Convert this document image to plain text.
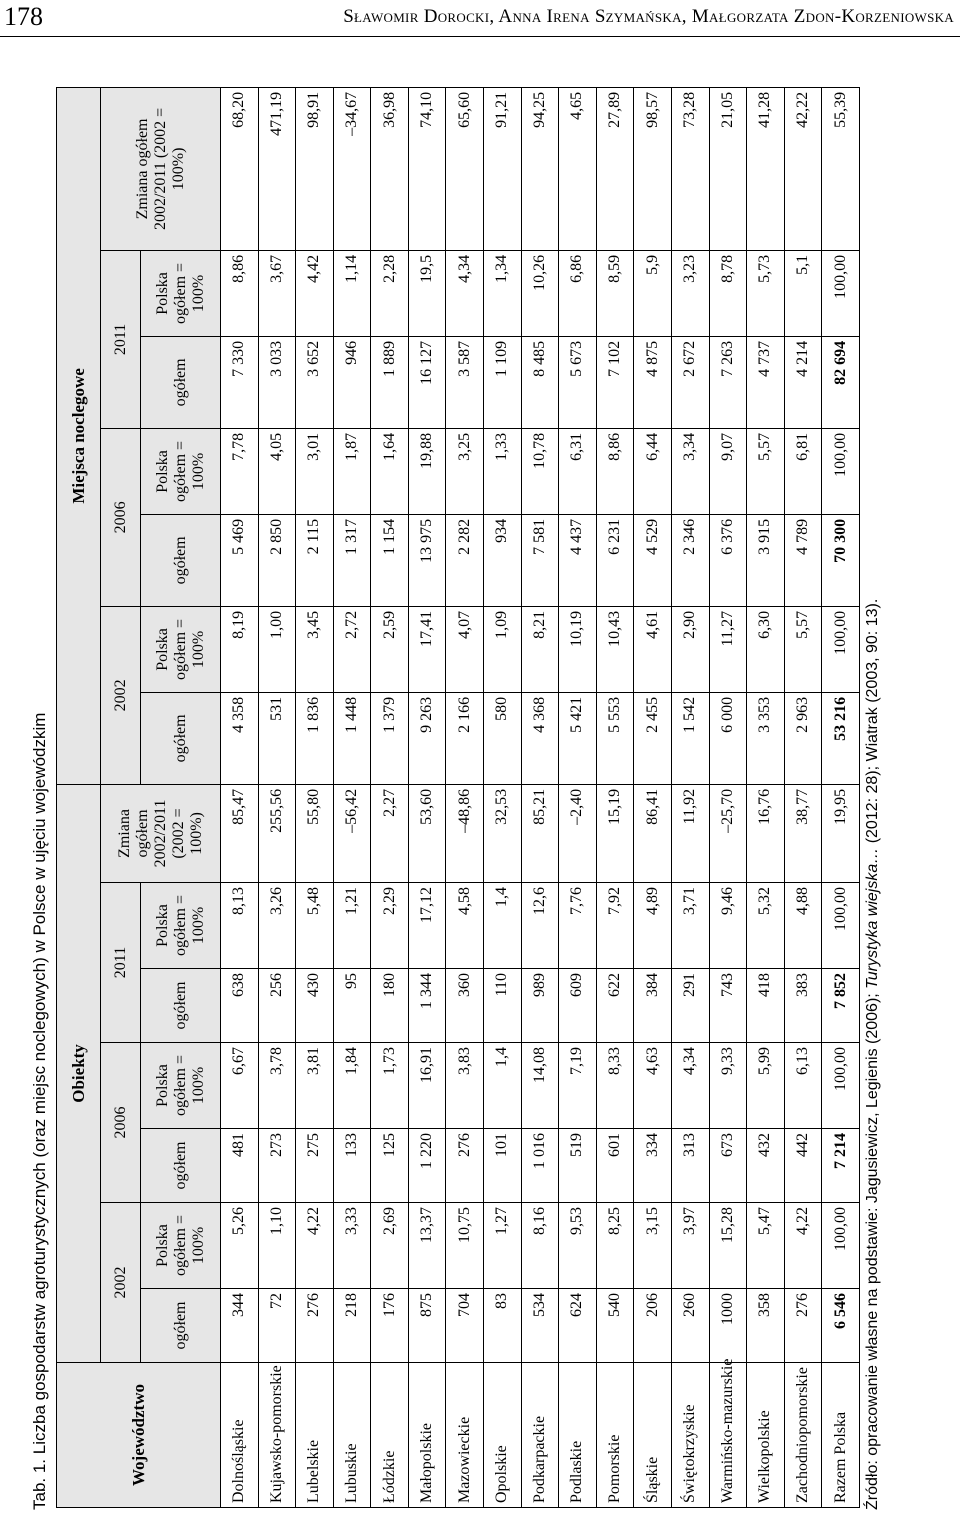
178	Sławomir Dorocki, Anna Irena Szymańska, Małgorzata Zdon-Korzeniowska
Tab. 1. Liczba gospodarstw agroturystycznych (oraz miejsc noclegowych) w Polsce w ujęciu wojewódzkim	Województwo	Obiekty							Miejsca noclegowe						
	2002		2006		2011		Zmiana ogółem 2002/2011 (2002 = 100%)	2002		2006		2011		Zmiana ogółem 2002/2011 (2002 = 100%)
	ogółem	Polska ogółem = 100%	ogółem	Polska ogółem = 100%	ogółem	Polska ogółem = 100%		ogółem	Polska ogółem = 100%	ogółem	Polska ogółem = 100%	ogółem	Polska ogółem = 100%	
Dolnośląskie	344	5,26	481	6,67	638	8,13	85,47	4 358	8,19	5 469	7,78	7 330	8,86	68,20
Kujawsko-pomorskie	72	1,10	273	3,78	256	3,26	255,56	531	1,00	2 850	4,05	3 033	3,67	471,19
Lubelskie	276	4,22	275	3,81	430	5,48	55,80	1 836	3,45	2 115	3,01	3 652	4,42	98,91
Lubuskie	218	3,33	133	1,84	95	1,21	–56,42	1 448	2,72	1 317	1,87	946	1,14	–34,67
Łódzkie	176	2,69	125	1,73	180	2,29	2,27	1 379	2,59	1 154	1,64	1 889	2,28	36,98
Małopolskie	875	13,37	1 220	16,91	1 344	17,12	53,60	9 263	17,41	13 975	19,88	16 127	19,5	74,10
Mazowieckie	704	10,75	276	3,83	360	4,58	–48,86	2 166	4,07	2 282	3,25	3 587	4,34	65,60
Opolskie	83	1,27	101	1,4	110	1,4	32,53	580	1,09	934	1,33	1 109	1,34	91,21
Podkarpackie	534	8,16	1 016	14,08	989	12,6	85,21	4 368	8,21	7 581	10,78	8 485	10,26	94,25
Podlaskie	624	9,53	519	7,19	609	7,76	–2,40	5 421	10,19	4 437	6,31	5 673	6,86	4,65
Pomorskie	540	8,25	601	8,33	622	7,92	15,19	5 553	10,43	6 231	8,86	7 102	8,59	27,89
Śląskie	206	3,15	334	4,63	384	4,89	86,41	2 455	4,61	4 529	6,44	4 875	5,9	98,57
Świętokrzyskie	260	3,97	313	4,34	291	3,71	11,92	1 542	2,90	2 346	3,34	2 672	3,23	73,28
Warmińsko-mazurskie	1000	15,28	673	9,33	743	9,46	–25,70	6 000	11,27	6 376	9,07	7 263	8,78	21,05
Wielkopolskie	358	5,47	432	5,99	418	5,32	16,76	3 353	6,30	3 915	5,57	4 737	5,73	41,28
Zachodniopomorskie	276	4,22	442	6,13	383	4,88	38,77	2 963	5,57	4 789	6,81	4 214	5,1	42,22
Razem Polska	6 546	100,00	7 214	100,00	7 852	100,00	19,95	53 216	100,00	70 300	100,00	82 694	100,00	55,39
Źródło: opracowanie własne na podstawie: Jagusiewicz, Legienis (2006); Turystyka wiejska… (2012: 28); Wiatrak (2003, 90: 13).
